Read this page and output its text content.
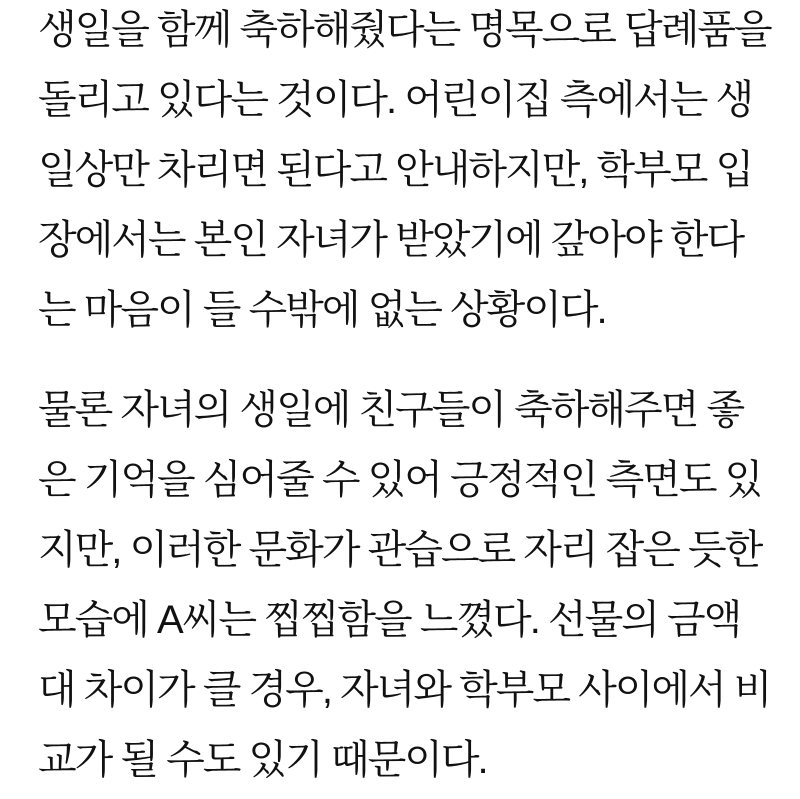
생일을 함께 축하해줬다는 명목으로 답례품을
돌리고 있다는 것이다. 어린이집 측에서는 생
일상만 차리면 된다고 안내하지만, 학부모 입
장에서는 본인 자녀가 받았기에 갚아야 한다
는 마음이 들 수밖에 없는 상황이다.
물론 자녀의 생일에 친구들이 축하해주면 좋
은 기억을 심어줄 수 있어 긍정적인 측면도 있
지만, 이러한 문화가 관습으로 자리 잡은 듯한
모습에 A씨는 찝찝함을 느꼈다. 선물의 금액
대 차이가 클 경우, 자녀와 학부모 사이에서 비
교가 될 수도 있기 때문이다.
